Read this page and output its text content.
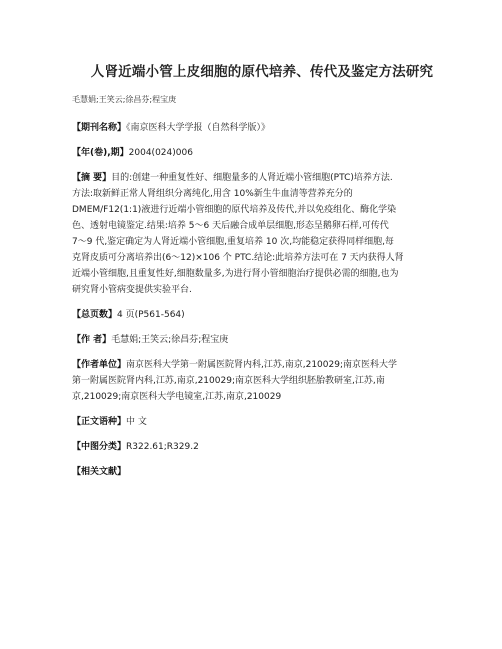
人肾近端小管上皮细胞的原代培养、传代及鉴定方法研究
毛慧娟;王笑云;徐昌芬;程宝庚
【期刊名称】《南京医科大学学报（自然科学版）》
【年(卷),期】2004(024)006
【摘 要】目的:创建一种重复性好、细胞量多的人肾近端小管细胞(PTC)培养方法.
方法:取新鲜正常人肾组织分离纯化,用含 10%新生牛血清等营养充分的
DMEM/F12(1:1)液进行近端小管细胞的原代培养及传代,并以免疫组化、酶化学染
色、透射电镜鉴定.结果:培养 5～6 天后融合成单层细胞,形态呈鹅卵石样,可传代
7～9 代,鉴定确定为人肾近端小管细胞,重复培养 10 次,均能稳定获得同样细胞,每
克肾皮质可分离培养出(6～12)×106 个 PTC.结论:此培养方法可在 7 天内获得人肾
近端小管细胞,且重复性好,细胞数量多,为进行肾小管细胞治疗提供必需的细胞,也为
研究肾小管病变提供实验平台.
【总页数】4 页(P561-564)
【作 者】毛慧娟;王笑云;徐昌芬;程宝庚
【作者单位】南京医科大学第一附属医院肾内科,江苏,南京,210029;南京医科大学
第一附属医院肾内科,江苏,南京,210029;南京医科大学组织胚胎教研室,江苏,南
京,210029;南京医科大学电镜室,江苏,南京,210029
【正文语种】中 文
【中图分类】R322.61;R329.2
【相关文献】
